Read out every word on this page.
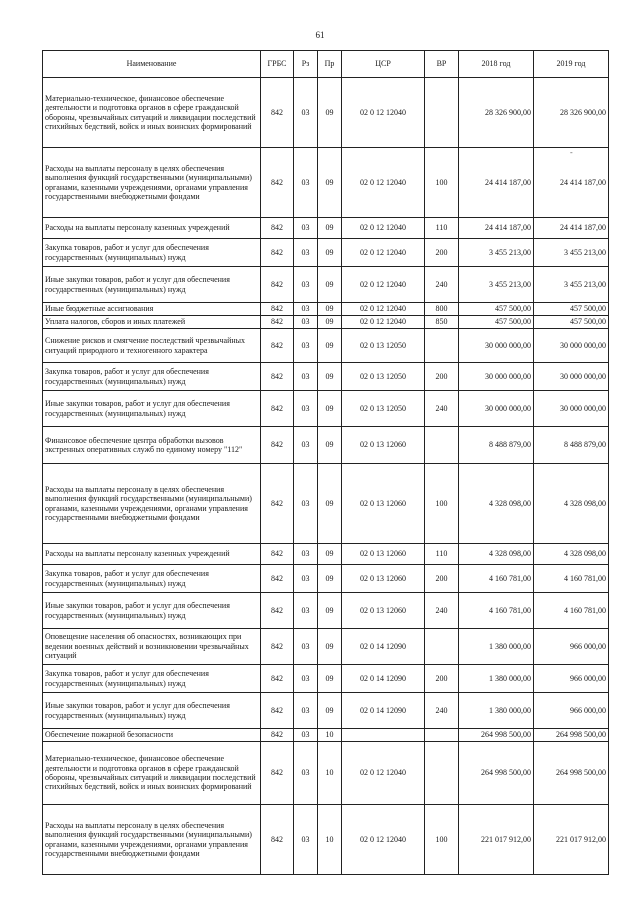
61
-
Наименование	ГРБС	Рз	Пр	ЦСР	ВР	2018 год	2019 год
Материально-техническое, финансовое обеспечение деятельности и подготовка органов в сфере гражданской обороны, чрезвычайных ситуаций и ликвидации последствий стихийных бедствий, войск и иных воинских формирований	842	03	09	02 0 12 12040		28 326 900,00	28 326 900,00
Расходы на выплаты персоналу в целях обеспечения выполнения функций государственными (муниципальными) органами, казенными учреждениями, органами управления государственными внебюджетными фондами	842	03	09	02 0 12 12040	100	24 414 187,00	24 414 187,00
Расходы на выплаты персоналу казенных учреждений	842	03	09	02 0 12 12040	110	24 414 187,00	24 414 187,00
Закупка товаров, работ и услуг для обеспечения государственных (муниципальных) нужд	842	03	09	02 0 12 12040	200	3 455 213,00	3 455 213,00
Иные закупки товаров, работ и услуг для обеспечения государственных (муниципальных) нужд	842	03	09	02 0 12 12040	240	3 455 213,00	3 455 213,00
Иные бюджетные ассигнования	842	03	09	02 0 12 12040	800	457 500,00	457 500,00
Уплата налогов, сборов и иных платежей	842	03	09	02 0 12 12040	850	457 500,00	457 500,00
Снижение рисков и смягчение последствий чрезвычайных ситуаций природного и техногенного характера	842	03	09	02 0 13 12050		30 000 000,00	30 000 000,00
Закупка товаров, работ и услуг для обеспечения государственных (муниципальных) нужд	842	03	09	02 0 13 12050	200	30 000 000,00	30 000 000,00
Иные закупки товаров, работ и услуг для обеспечения государственных (муниципальных) нужд	842	03	09	02 0 13 12050	240	30 000 000,00	30 000 000,00
Финансовое обеспечение центра обработки вызовов экстренных оперативных служб по единому номеру "112"	842	03	09	02 0 13 12060		8 488 879,00	8 488 879,00
Расходы на выплаты персоналу в целях обеспечения выполнения функций государственными (муниципальными) органами, казенными учреждениями, органами управления государственными внебюджетными фондами	842	03	09	02 0 13 12060	100	4 328 098,00	4 328 098,00
Расходы на выплаты персоналу казенных учреждений	842	03	09	02 0 13 12060	110	4 328 098,00	4 328 098,00
Закупка товаров, работ и услуг для обеспечения государственных (муниципальных) нужд	842	03	09	02 0 13 12060	200	4 160 781,00	4 160 781,00
Иные закупки товаров, работ и услуг для обеспечения государственных (муниципальных) нужд	842	03	09	02 0 13 12060	240	4 160 781,00	4 160 781,00
Оповещение населения об опасностях, возникающих при ведении военных действий и возникновении чрезвычайных ситуаций	842	03	09	02 0 14 12090		1 380 000,00	966 000,00
Закупка товаров, работ и услуг для обеспечения государственных (муниципальных) нужд	842	03	09	02 0 14 12090	200	1 380 000,00	966 000,00
Иные закупки товаров, работ и услуг для обеспечения государственных (муниципальных) нужд	842	03	09	02 0 14 12090	240	1 380 000,00	966 000,00
Обеспечение пожарной безопасности	842	03	10			264 998 500,00	264 998 500,00
Материально-техническое, финансовое обеспечение деятельности и подготовка органов в сфере гражданской обороны, чрезвычайных ситуаций и ликвидации последствий стихийных бедствий, войск и иных воинских формирований	842	03	10	02 0 12 12040		264 998 500,00	264 998 500,00
Расходы на выплаты персоналу в целях обеспечения выполнения функций государственными (муниципальными) органами, казенными учреждениями, органами управления государственными внебюджетными фондами	842	03	10	02 0 12 12040	100	221 017 912,00	221 017 912,00
